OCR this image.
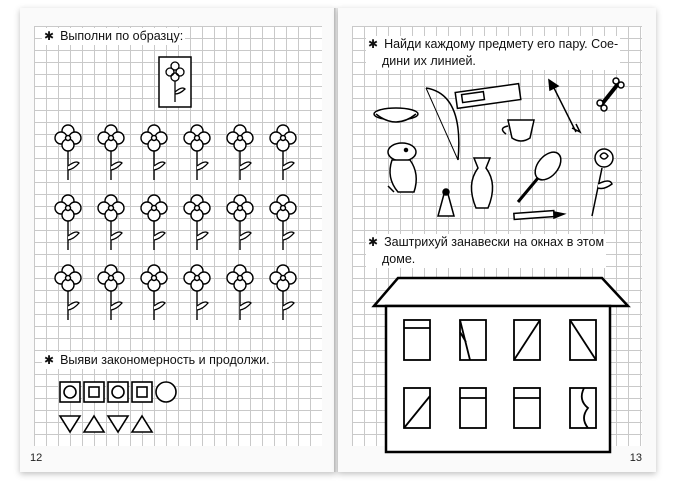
✱ Выполни по образцу:
✱ Выяви закономерность и продолжи.
12
✱ Найди каждому предмету его пару. Сое-
дини их линией.
✱ Заштрихуй занавески на окнах в этом
доме.
13
